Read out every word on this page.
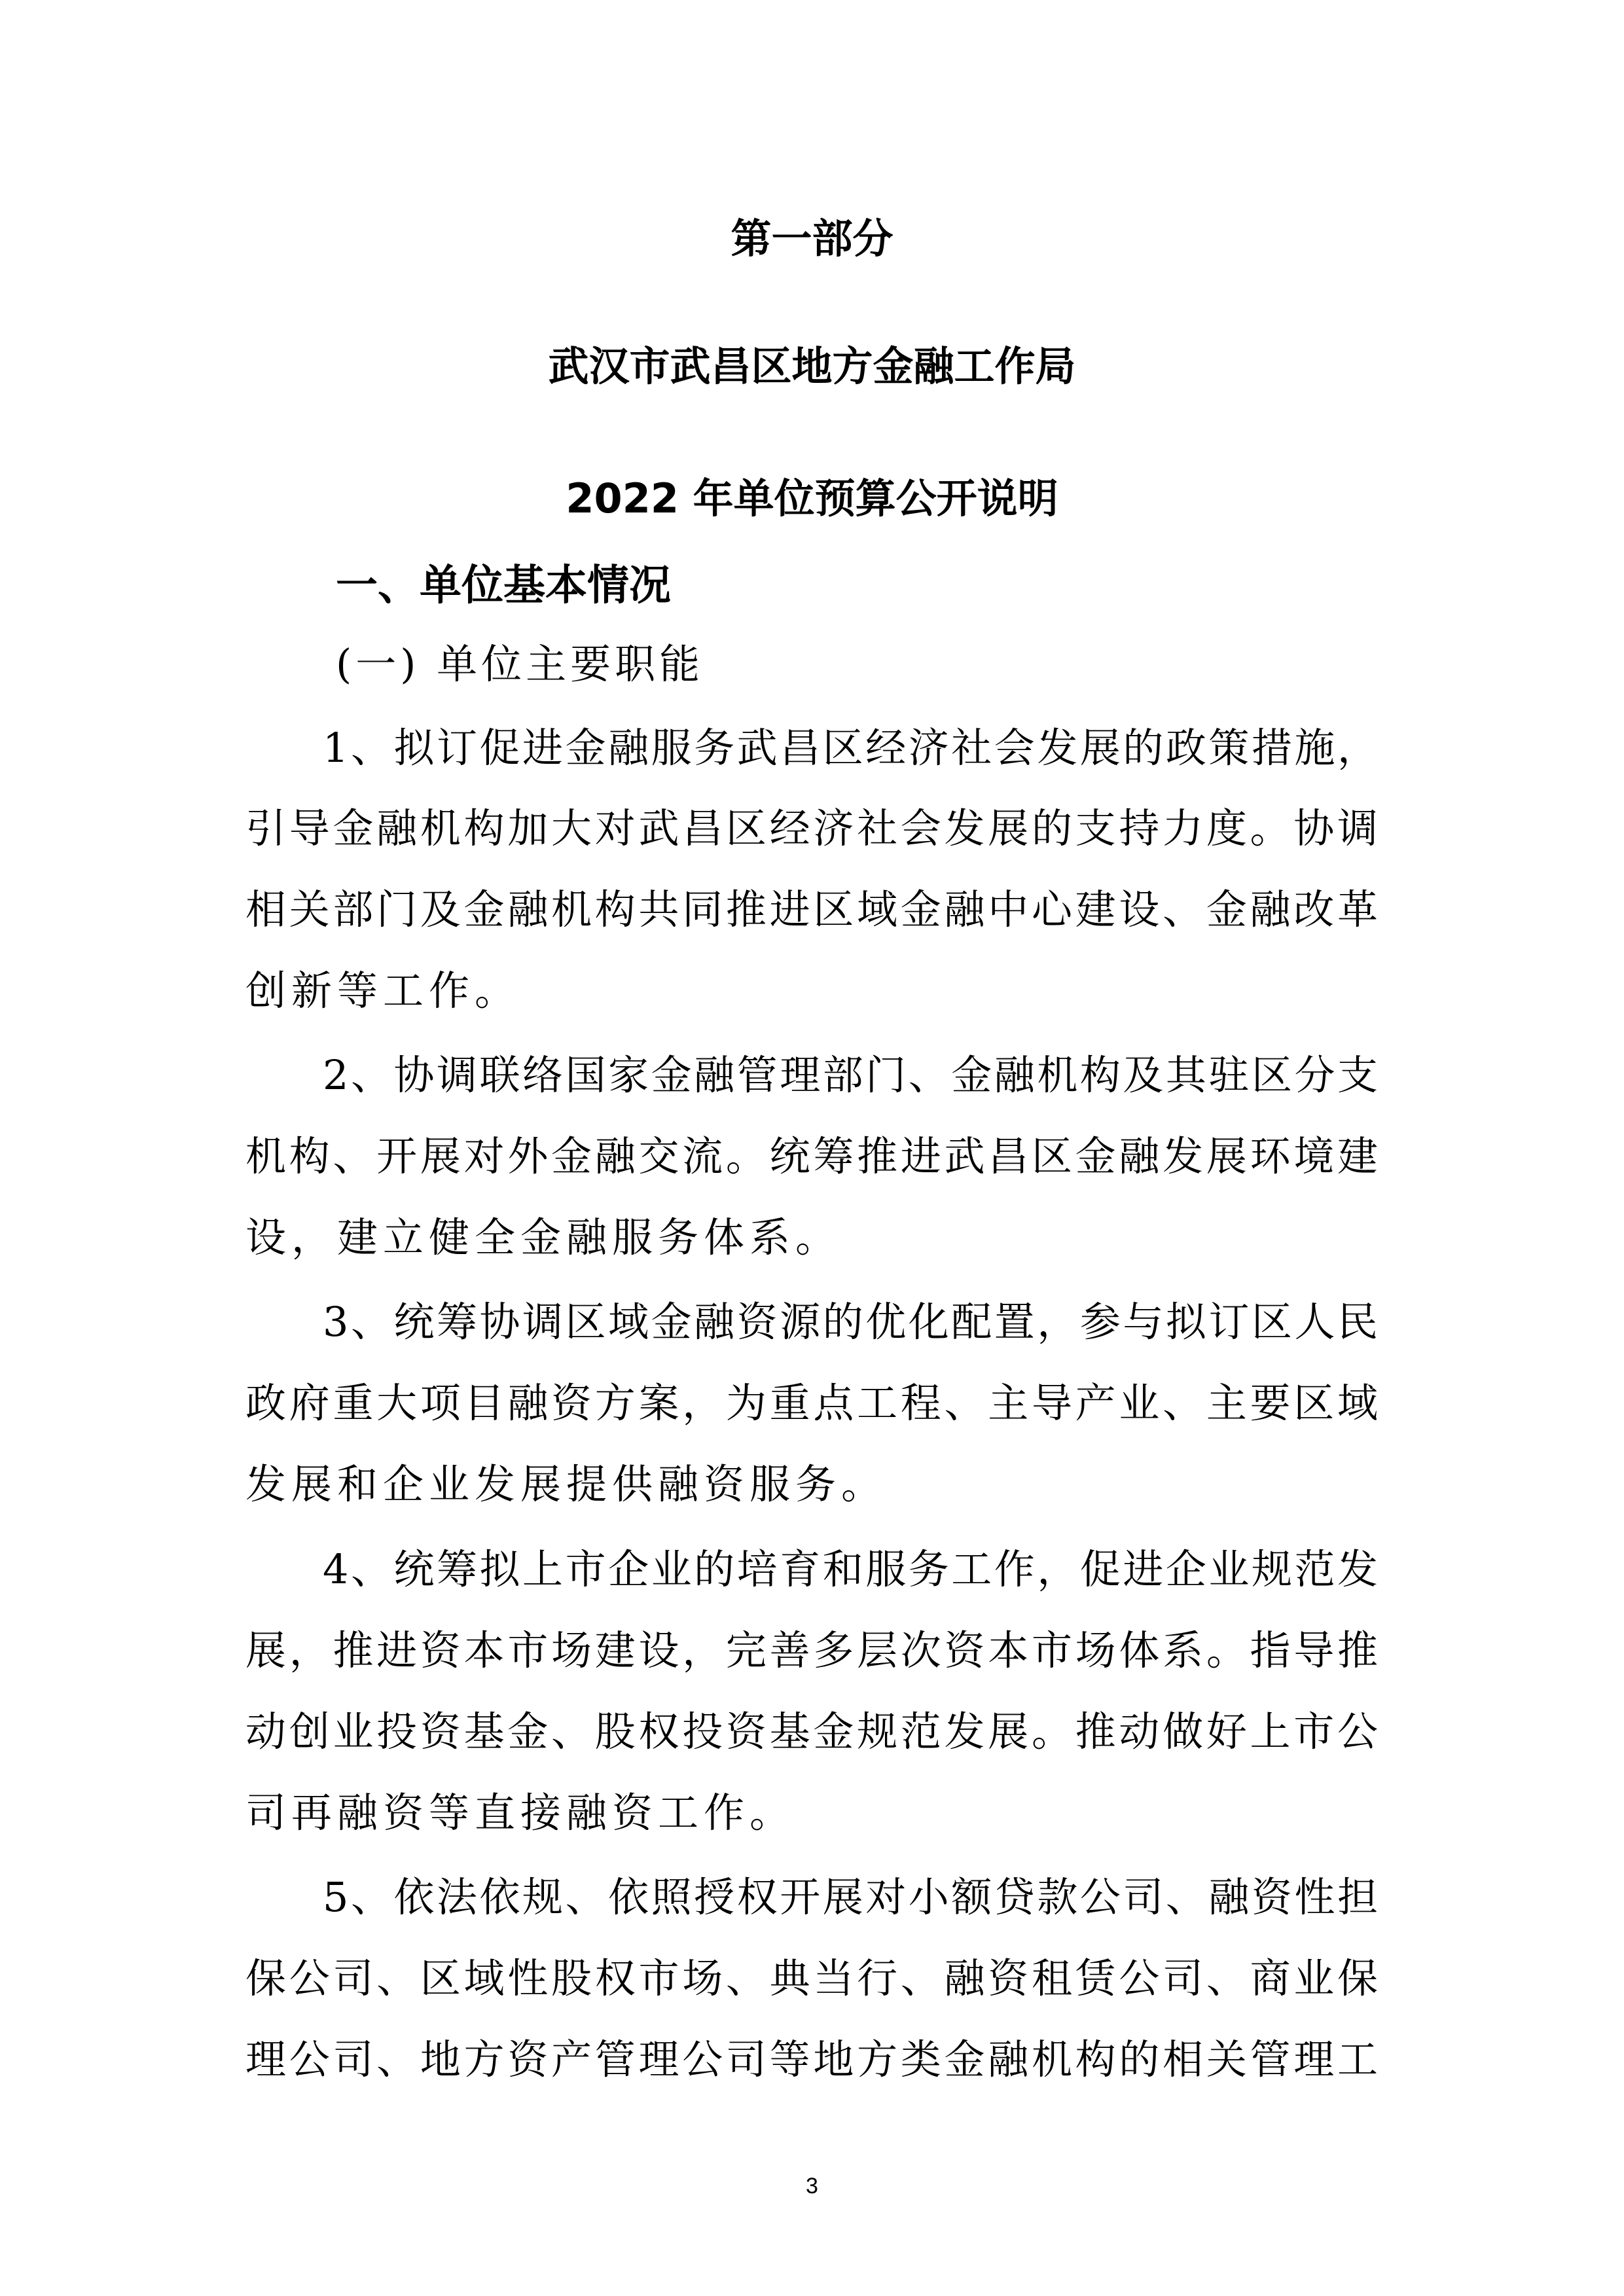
第一部分
武汉市武昌区地方金融工作局
2022 年单位预算公开说明
一、单位基本情况
(一) 单位主要职能
1、拟订促进金融服务武昌区经济社会发展的政策措施，
引导金融机构加大对武昌区经济社会发展的支持力度。协调
相关部门及金融机构共同推进区域金融中心建设、金融改革
创新等工作。
2、协调联络国家金融管理部门、金融机构及其驻区分支
机构、开展对外金融交流。统筹推进武昌区金融发展环境建
设，建立健全金融服务体系。
3、统筹协调区域金融资源的优化配置，参与拟订区人民
政府重大项目融资方案，为重点工程、主导产业、主要区域
发展和企业发展提供融资服务。
4、统筹拟上市企业的培育和服务工作，促进企业规范发
展，推进资本市场建设，完善多层次资本市场体系。指导推
动创业投资基金、股权投资基金规范发展。推动做好上市公
司再融资等直接融资工作。
5、依法依规、依照授权开展对小额贷款公司、融资性担
保公司、区域性股权市场、典当行、融资租赁公司、商业保
理公司、地方资产管理公司等地方类金融机构的相关管理工
3
